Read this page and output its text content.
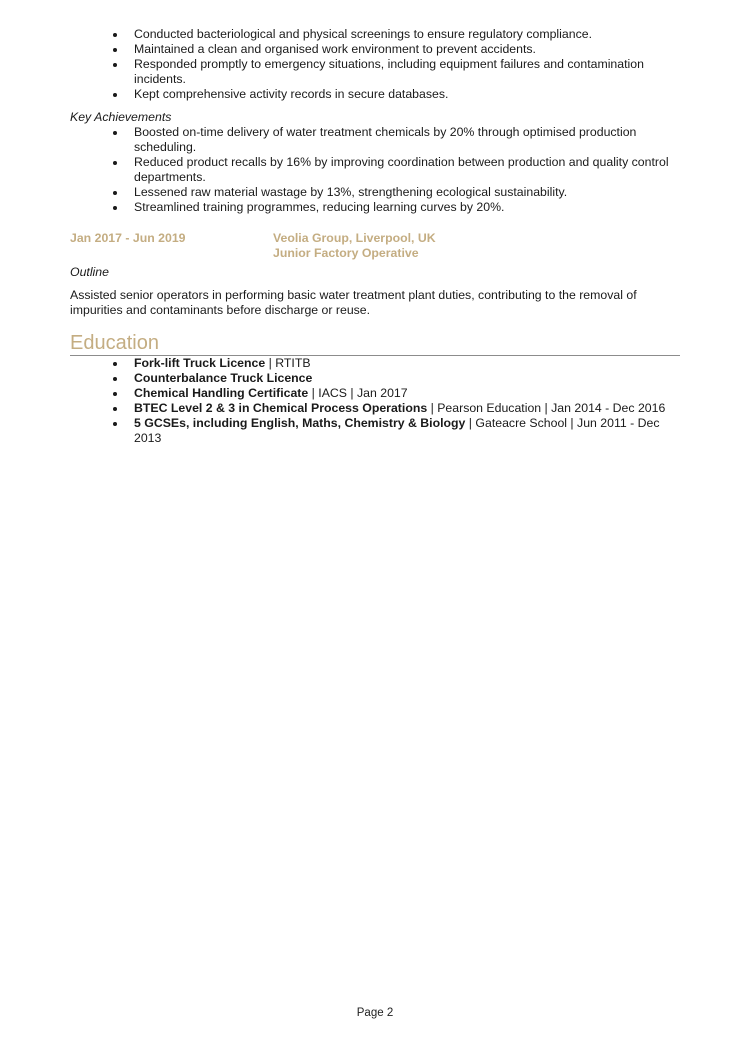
Conducted bacteriological and physical screenings to ensure regulatory compliance.
Maintained a clean and organised work environment to prevent accidents.
Responded promptly to emergency situations, including equipment failures and contamination incidents.
Kept comprehensive activity records in secure databases.

Key Achievements

Boosted on-time delivery of water treatment chemicals by 20% through optimised production scheduling.
Reduced product recalls by 16% by improving coordination between production and quality control departments.
Lessened raw material wastage by 13%, strengthening ecological sustainability.
Streamlined training programmes, reducing learning curves by 20%.
Jan 2017 - Jun 2019	Veolia Group, Liverpool, UK
Junior Factory Operative
Outline
Assisted senior operators in performing basic water treatment plant duties, contributing to the removal of impurities and contaminants before discharge or reuse.
Education
Fork-lift Truck Licence | RTITB
Counterbalance Truck Licence
Chemical Handling Certificate | IACS | Jan 2017
BTEC Level 2 & 3 in Chemical Process Operations | Pearson Education | Jan 2014 - Dec 2016
5 GCSEs, including English, Maths, Chemistry & Biology | Gateacre School | Jun 2011 - Dec 2013
Page 2
